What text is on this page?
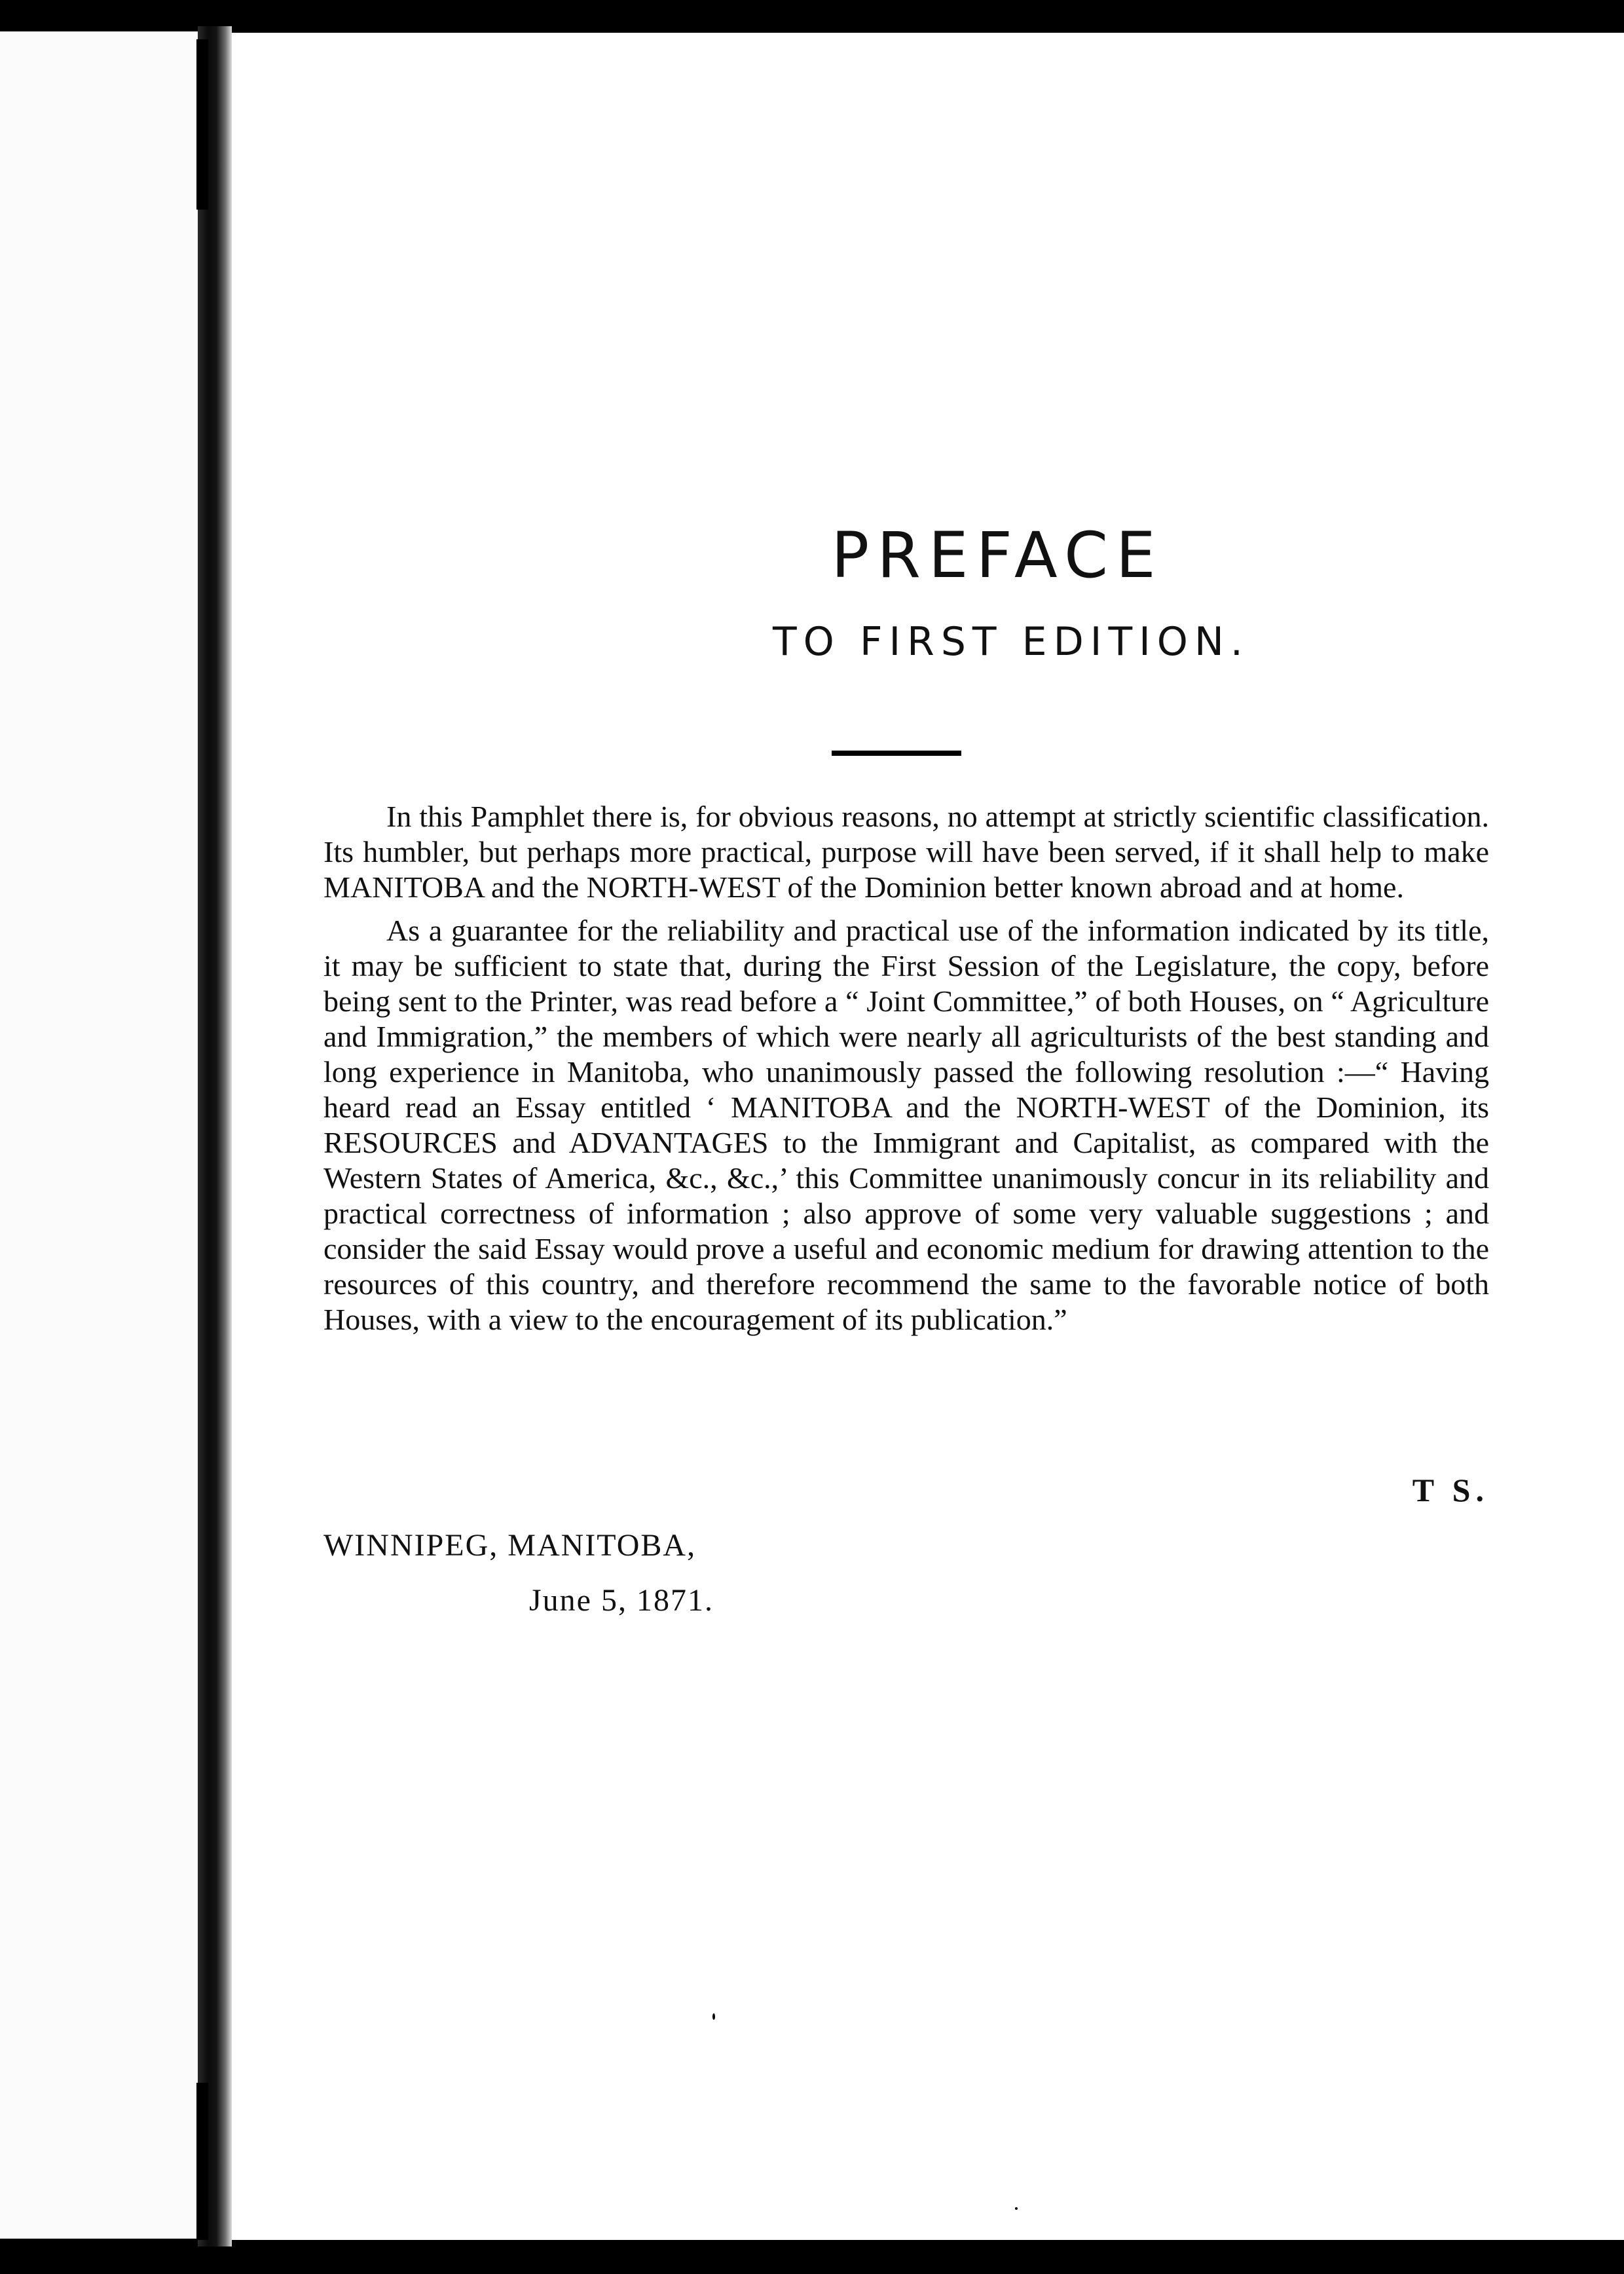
PREFACE
TO FIRST EDITION.

In this Pamphlet there is, for obvious reasons, no attempt at strictly scientific classification. Its humbler, but perhaps more practical, purpose will have been served, if it shall help to make MANITOBA and the NORTH-WEST of the Dominion better known abroad and at home.

As a guarantee for the reliability and practical use of the information indicated by its title, it may be sufficient to state that, during the First Session of the Legislature, the copy, before being sent to the Printer, was read before a “ Joint Committee,” of both Houses, on “ Agriculture and Immigration,” the members of which were nearly all agriculturists of the best standing and long experience in Manitoba, who unanimously passed the following resolution :—“ Having heard read an Essay entitled ‘ MANITOBA and the NORTH-WEST of the Dominion, its RESOURCES and ADVANTAGES to the Immigrant and Capitalist, as compared with the Western States of America, &c., &c.,’ this Committee unanimously concur in its reliability and practical correctness of information ; also approve of some very valuable suggestions ; and consider the said Essay would prove a useful and economic medium for drawing attention to the resources of this country, and therefore recommend the same to the favorable notice of both Houses, with a view to the encouragement of its publication.”

T S.
WINNIPEG, MANITOBA,
June 5, 1871.
